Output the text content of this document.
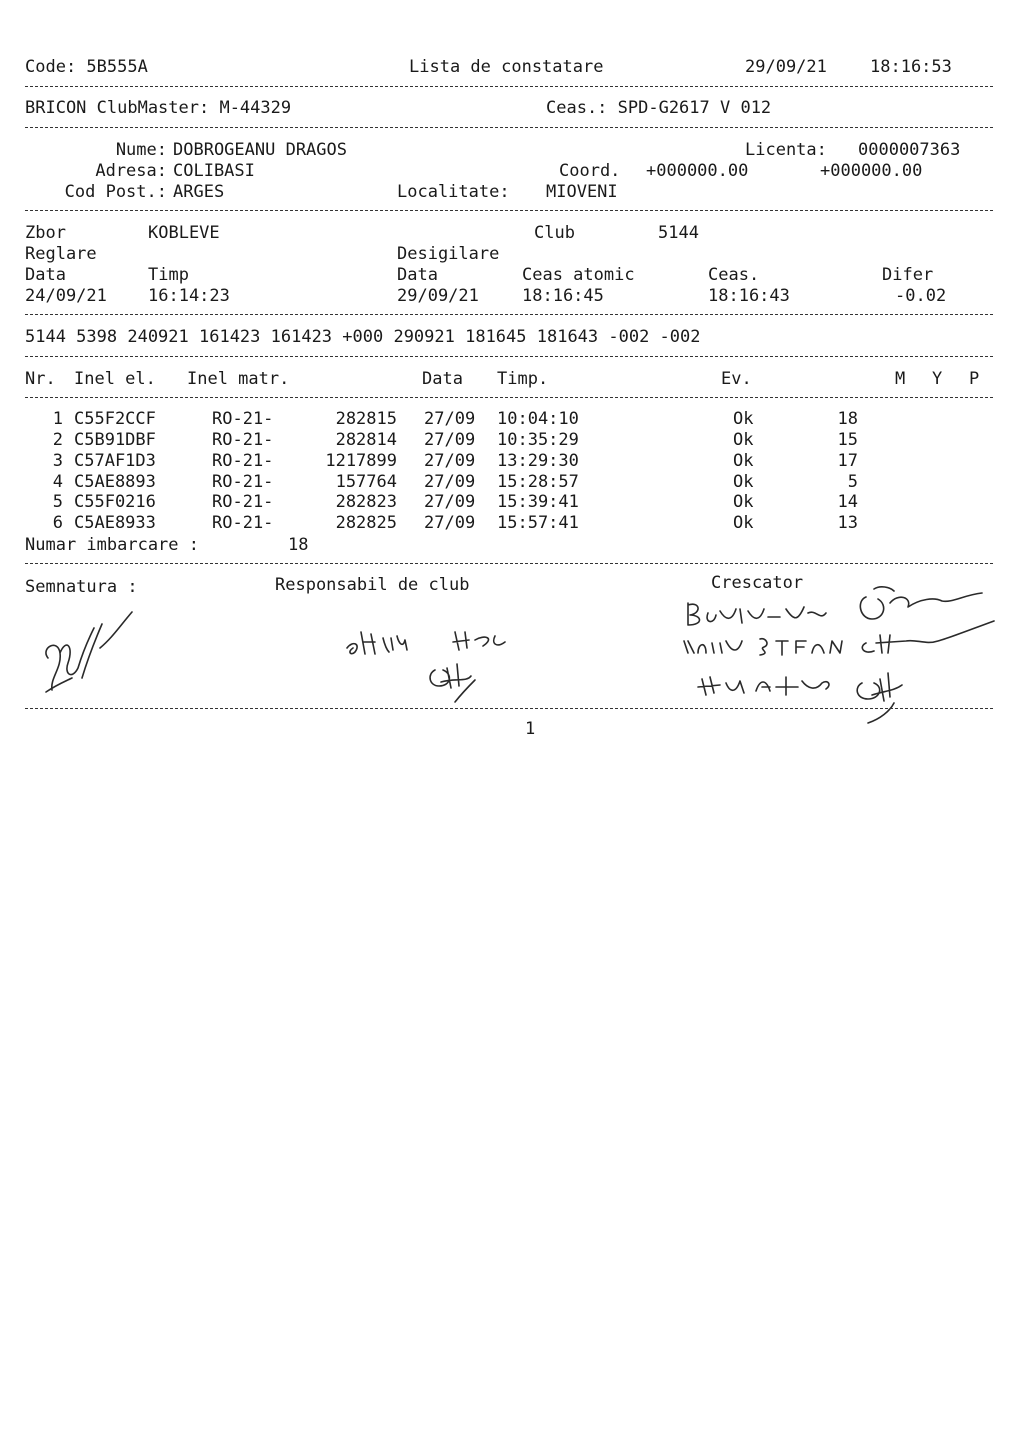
Code: 5B555A	Lista de constatare	29/09/21	18:16:53
BRICON ClubMaster: M-44329	Ceas.: SPD-G2617 V 012
Nume: DOBROGEANU DRAGOS	Licenta: 0000007363
Adresa: COLIBASI	Coord. +000000.00	+000000.00
Cod Post.: ARGES	Localitate: MIOVENI
Zbor	KOBLEVE	Club	5144
Reglare	Desigilare
Data	Timp	Data	Ceas atomic	Ceas.	Difer
24/09/21 16:14:23	29/09/21	18:16:45	18:16:43	-0.02
5144 5398 240921 161423 161423 +000 290921 181645 181643 -002 -002
Nr. Inel el. Inel matr.	Data Timp.	Ev.	M Y P
1 C55F2CCF	RO-21-	282815 27/09 10:04:10	Ok	18
2 C5B91DBF	RO-21-	282814 27/09 10:35:29	Ok	15
3 C57AF1D3	RO-21-	1217899 27/09 13:29:30	Ok	17
4 C5AE8893	RO-21-	157764 27/09 15:28:57	Ok	5
5 C55F0216	RO-21-	282823 27/09 15:39:41	Ok	14
6 C5AE8933	RO-21-	282825 27/09 15:57:41	Ok	13
Numar imbarcare :	18
Semnatura :	Responsabil de club	Crescator
1
